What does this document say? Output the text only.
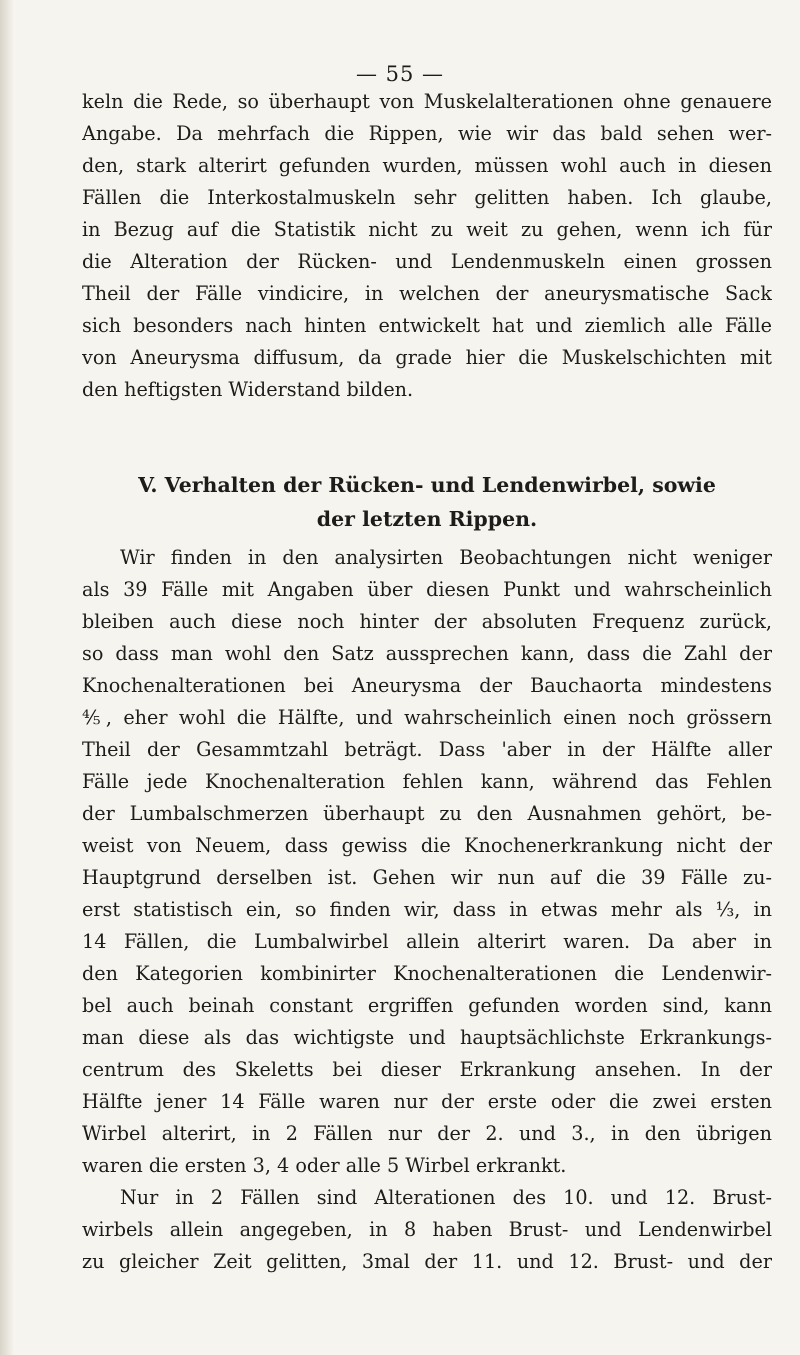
— 55 —
keln die Rede, so überhaupt von Muskelalterationen ohne genauere
Angabe. Da mehrfach die Rippen, wie wir das bald sehen wer-
den, stark alterirt gefunden wurden, müssen wohl auch in diesen
Fällen die Interkostalmuskeln sehr gelitten haben. Ich glaube,
in Bezug auf die Statistik nicht zu weit zu gehen, wenn ich für
die Alteration der Rücken- und Lendenmuskeln einen grossen
Theil der Fälle vindicire, in welchen der aneurysmatische Sack
sich besonders nach hinten entwickelt hat und ziemlich alle Fälle
von Aneurysma diffusum, da grade hier die Muskelschichten mit
den heftigsten Widerstand bilden.
V. Verhalten der Rücken- und Lendenwirbel, sowie
der letzten Rippen.
Wir finden in den analysirten Beobachtungen nicht weniger
als 39 Fälle mit Angaben über diesen Punkt und wahrscheinlich
bleiben auch diese noch hinter der absoluten Frequenz zurück,
so dass man wohl den Satz aussprechen kann, dass die Zahl der
Knochenalterationen bei Aneurysma der Bauchaorta mindestens
⅘, eher wohl die Hälfte, und wahrscheinlich einen noch grössern
Theil der Gesammtzahl beträgt. Dass 'aber in der Hälfte aller
Fälle jede Knochenalteration fehlen kann, während das Fehlen
der Lumbalschmerzen überhaupt zu den Ausnahmen gehört, be-
weist von Neuem, dass gewiss die Knochenerkrankung nicht der
Hauptgrund derselben ist. Gehen wir nun auf die 39 Fälle zu-
erst statistisch ein, so finden wir, dass in etwas mehr als ⅓, in
14 Fällen, die Lumbalwirbel allein alterirt waren. Da aber in
den Kategorien kombinirter Knochenalterationen die Lendenwir-
bel auch beinah constant ergriffen gefunden worden sind, kann
man diese als das wichtigste und hauptsächlichste Erkrankungs-
centrum des Skeletts bei dieser Erkrankung ansehen. In der
Hälfte jener 14 Fälle waren nur der erste oder die zwei ersten
Wirbel alterirt, in 2 Fällen nur der 2. und 3., in den übrigen
waren die ersten 3, 4 oder alle 5 Wirbel erkrankt.
Nur in 2 Fällen sind Alterationen des 10. und 12. Brust-
wirbels allein angegeben, in 8 haben Brust- und Lendenwirbel
zu gleicher Zeit gelitten, 3mal der 11. und 12. Brust- und der
